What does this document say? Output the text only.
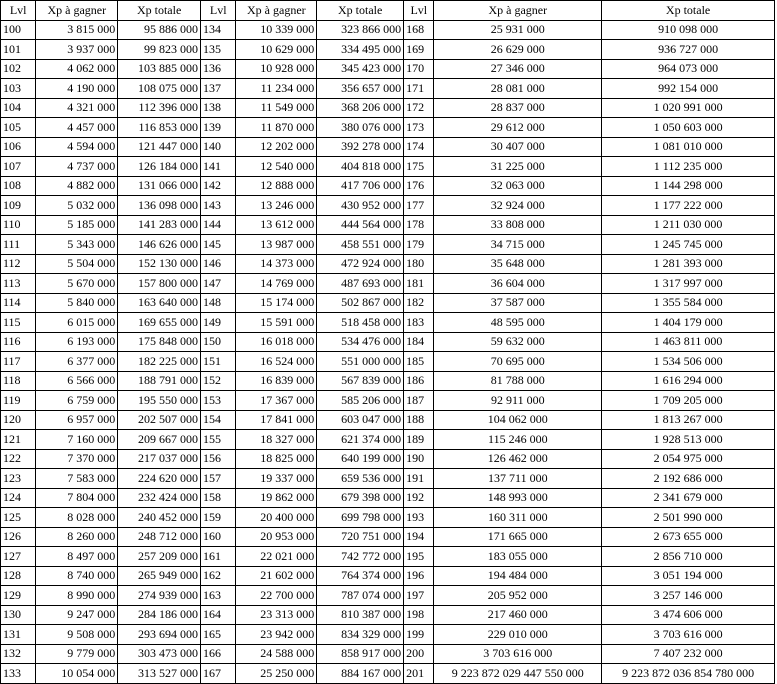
Lvl	Xp à gagner	Xp totale	Lvl	Xp à gagner	Xp totale	Lvl	Xp à gagner	Xp totale
100	3 815 000	95 886 000	134	10 339 000	323 866 000	168	25 931 000	910 098 000
101	3 937 000	99 823 000	135	10 629 000	334 495 000	169	26 629 000	936 727 000
102	4 062 000	103 885 000	136	10 928 000	345 423 000	170	27 346 000	964 073 000
103	4 190 000	108 075 000	137	11 234 000	356 657 000	171	28 081 000	992 154 000
104	4 321 000	112 396 000	138	11 549 000	368 206 000	172	28 837 000	1 020 991 000
105	4 457 000	116 853 000	139	11 870 000	380 076 000	173	29 612 000	1 050 603 000
106	4 594 000	121 447 000	140	12 202 000	392 278 000	174	30 407 000	1 081 010 000
107	4 737 000	126 184 000	141	12 540 000	404 818 000	175	31 225 000	1 112 235 000
108	4 882 000	131 066 000	142	12 888 000	417 706 000	176	32 063 000	1 144 298 000
109	5 032 000	136 098 000	143	13 246 000	430 952 000	177	32 924 000	1 177 222 000
110	5 185 000	141 283 000	144	13 612 000	444 564 000	178	33 808 000	1 211 030 000
111	5 343 000	146 626 000	145	13 987 000	458 551 000	179	34 715 000	1 245 745 000
112	5 504 000	152 130 000	146	14 373 000	472 924 000	180	35 648 000	1 281 393 000
113	5 670 000	157 800 000	147	14 769 000	487 693 000	181	36 604 000	1 317 997 000
114	5 840 000	163 640 000	148	15 174 000	502 867 000	182	37 587 000	1 355 584 000
115	6 015 000	169 655 000	149	15 591 000	518 458 000	183	48 595 000	1 404 179 000
116	6 193 000	175 848 000	150	16 018 000	534 476 000	184	59 632 000	1 463 811 000
117	6 377 000	182 225 000	151	16 524 000	551 000 000	185	70 695 000	1 534 506 000
118	6 566 000	188 791 000	152	16 839 000	567 839 000	186	81 788 000	1 616 294 000
119	6 759 000	195 550 000	153	17 367 000	585 206 000	187	92 911 000	1 709 205 000
120	6 957 000	202 507 000	154	17 841 000	603 047 000	188	104 062 000	1 813 267 000
121	7 160 000	209 667 000	155	18 327 000	621 374 000	189	115 246 000	1 928 513 000
122	7 370 000	217 037 000	156	18 825 000	640 199 000	190	126 462 000	2 054 975 000
123	7 583 000	224 620 000	157	19 337 000	659 536 000	191	137 711 000	2 192 686 000
124	7 804 000	232 424 000	158	19 862 000	679 398 000	192	148 993 000	2 341 679 000
125	8 028 000	240 452 000	159	20 400 000	699 798 000	193	160 311 000	2 501 990 000
126	8 260 000	248 712 000	160	20 953 000	720 751 000	194	171 665 000	2 673 655 000
127	8 497 000	257 209 000	161	22 021 000	742 772 000	195	183 055 000	2 856 710 000
128	8 740 000	265 949 000	162	21 602 000	764 374 000	196	194 484 000	3 051 194 000
129	8 990 000	274 939 000	163	22 700 000	787 074 000	197	205 952 000	3 257 146 000
130	9 247 000	284 186 000	164	23 313 000	810 387 000	198	217 460 000	3 474 606 000
131	9 508 000	293 694 000	165	23 942 000	834 329 000	199	229 010 000	3 703 616 000
132	9 779 000	303 473 000	166	24 588 000	858 917 000	200	3 703 616 000	7 407 232 000
133	10 054 000	313 527 000	167	25 250 000	884 167 000	201	9 223 872 029 447 550 000	9 223 872 036 854 780 000
